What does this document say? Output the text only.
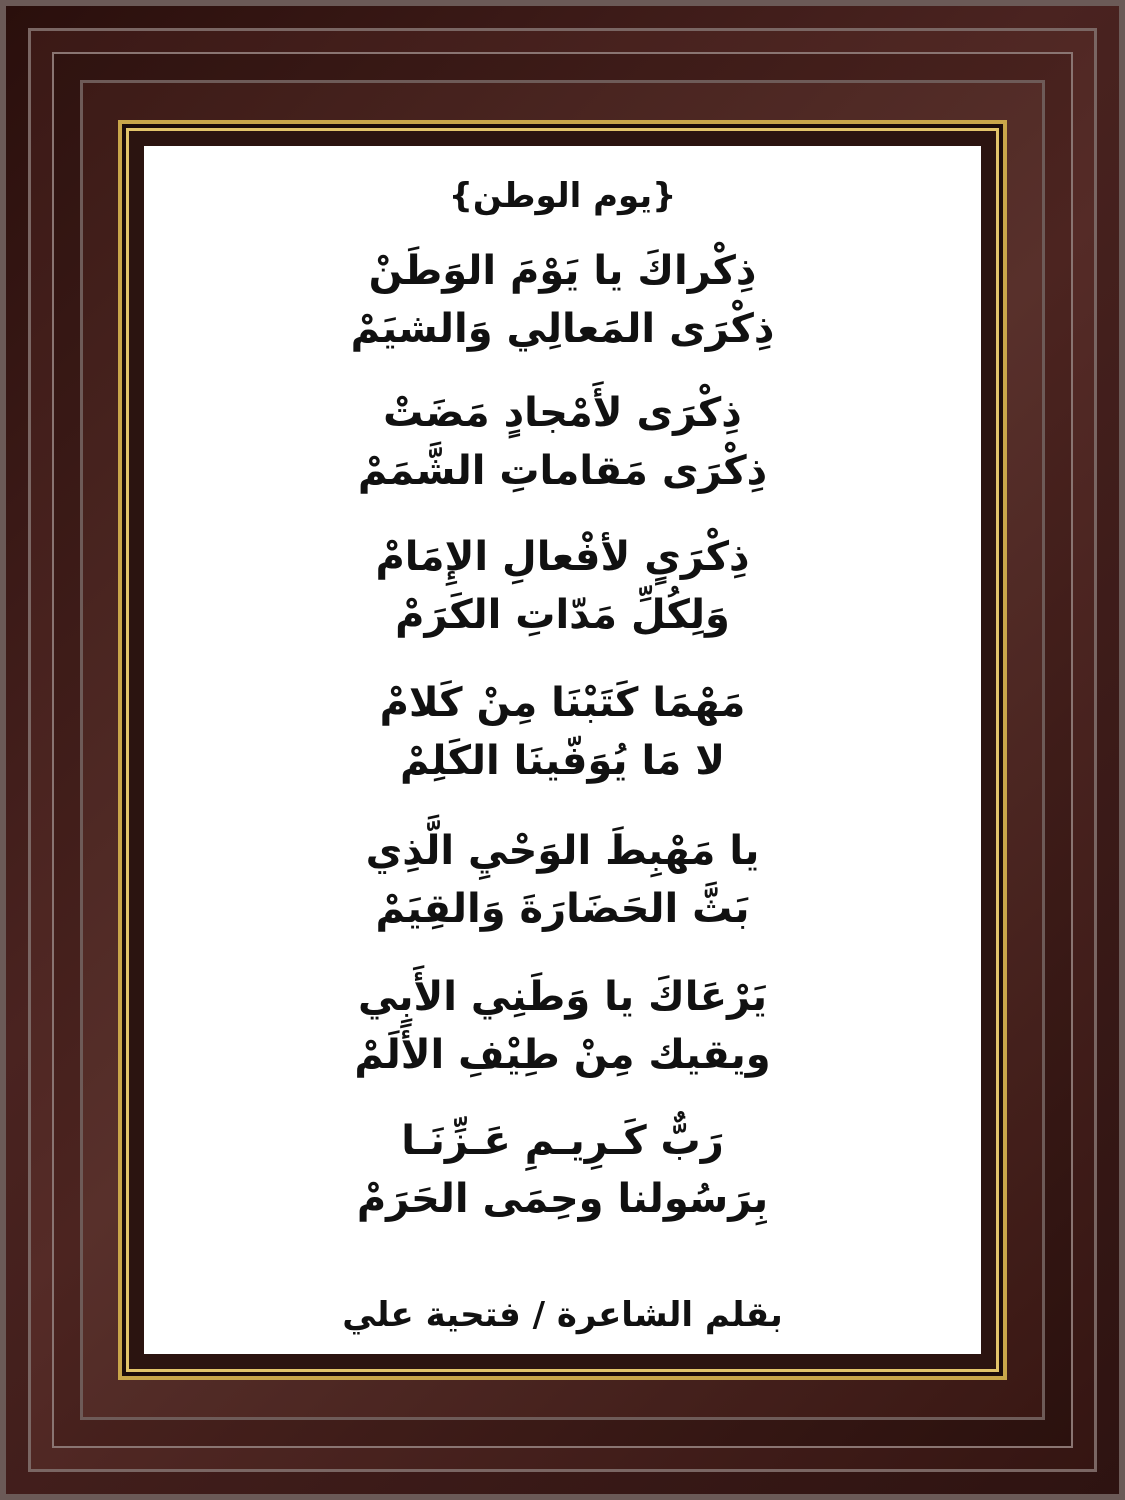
{يوم الوطن}
ذِكْراكَ يا يَوْمَ الوَطَنْ
ذِكْرَى المَعالِي وَالشيَمْ
ذِكْرَى لأَمْجادٍ مَضَتْ
ذِكْرَى مَقاماتِ الشَّمَمْ
ذِكْرَىٍ لأفْعالِ الإِمَامْ
وَلِكُلِّ مَدّاتِ الكَرَمْ
مَهْمَا كَتَبْنَا مِنْ كَلامْ
لا مَا يُوَفّينَا الكَلِمْ
يا مَهْبِطَ الوَحْيِ الَّذِي
بَثَّ الحَضَارَةَ وَالقِيَمْ
يَرْعَاكَ يا وَطَنِي الأَبِي
ويقيك مِنْ طِيْفِ الأَلَمْ
رَبٌّ كَـرِيـمِ عَـزِّنَـا
بِرَسُولنا وحِمَى الحَرَمْ
بقلم الشاعرة / فتحية علي
